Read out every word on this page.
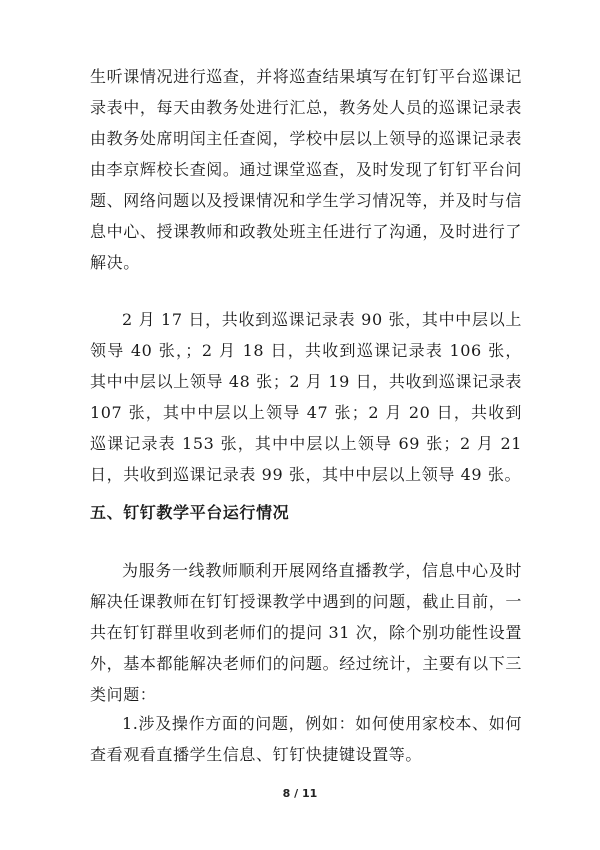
生听课情况进行巡查，并将巡查结果填写在钉钉平台巡课记录表中，每天由教务处进行汇总，教务处人员的巡课记录表由教务处席明闰主任查阅，学校中层以上领导的巡课记录表由李京辉校长查阅。通过课堂巡查，及时发现了钉钉平台问题、网络问题以及授课情况和学生学习情况等，并及时与信息中心、授课教师和政教处班主任进行了沟通，及时进行了解决。

2 月 17 日，共收到巡课记录表 90 张，其中中层以上领导 40 张，；2 月 18 日，共收到巡课记录表 106 张，其中中层以上领导 48 张；2 月 19 日，共收到巡课记录表 107 张，其中中层以上领导 47 张；2 月 20 日，共收到巡课记录表 153 张，其中中层以上领导 69 张；2 月 21 日，共收到巡课记录表 99 张，其中中层以上领导 49 张。

五、钉钉教学平台运行情况

为服务一线教师顺利开展网络直播教学，信息中心及时解决任课教师在钉钉授课教学中遇到的问题，截止目前，一共在钉钉群里收到老师们的提问 31 次，除个别功能性设置外，基本都能解决老师们的问题。经过统计，主要有以下三类问题：

1.涉及操作方面的问题，例如：如何使用家校本、如何查看观看直播学生信息、钉钉快捷键设置等。

8 / 11
